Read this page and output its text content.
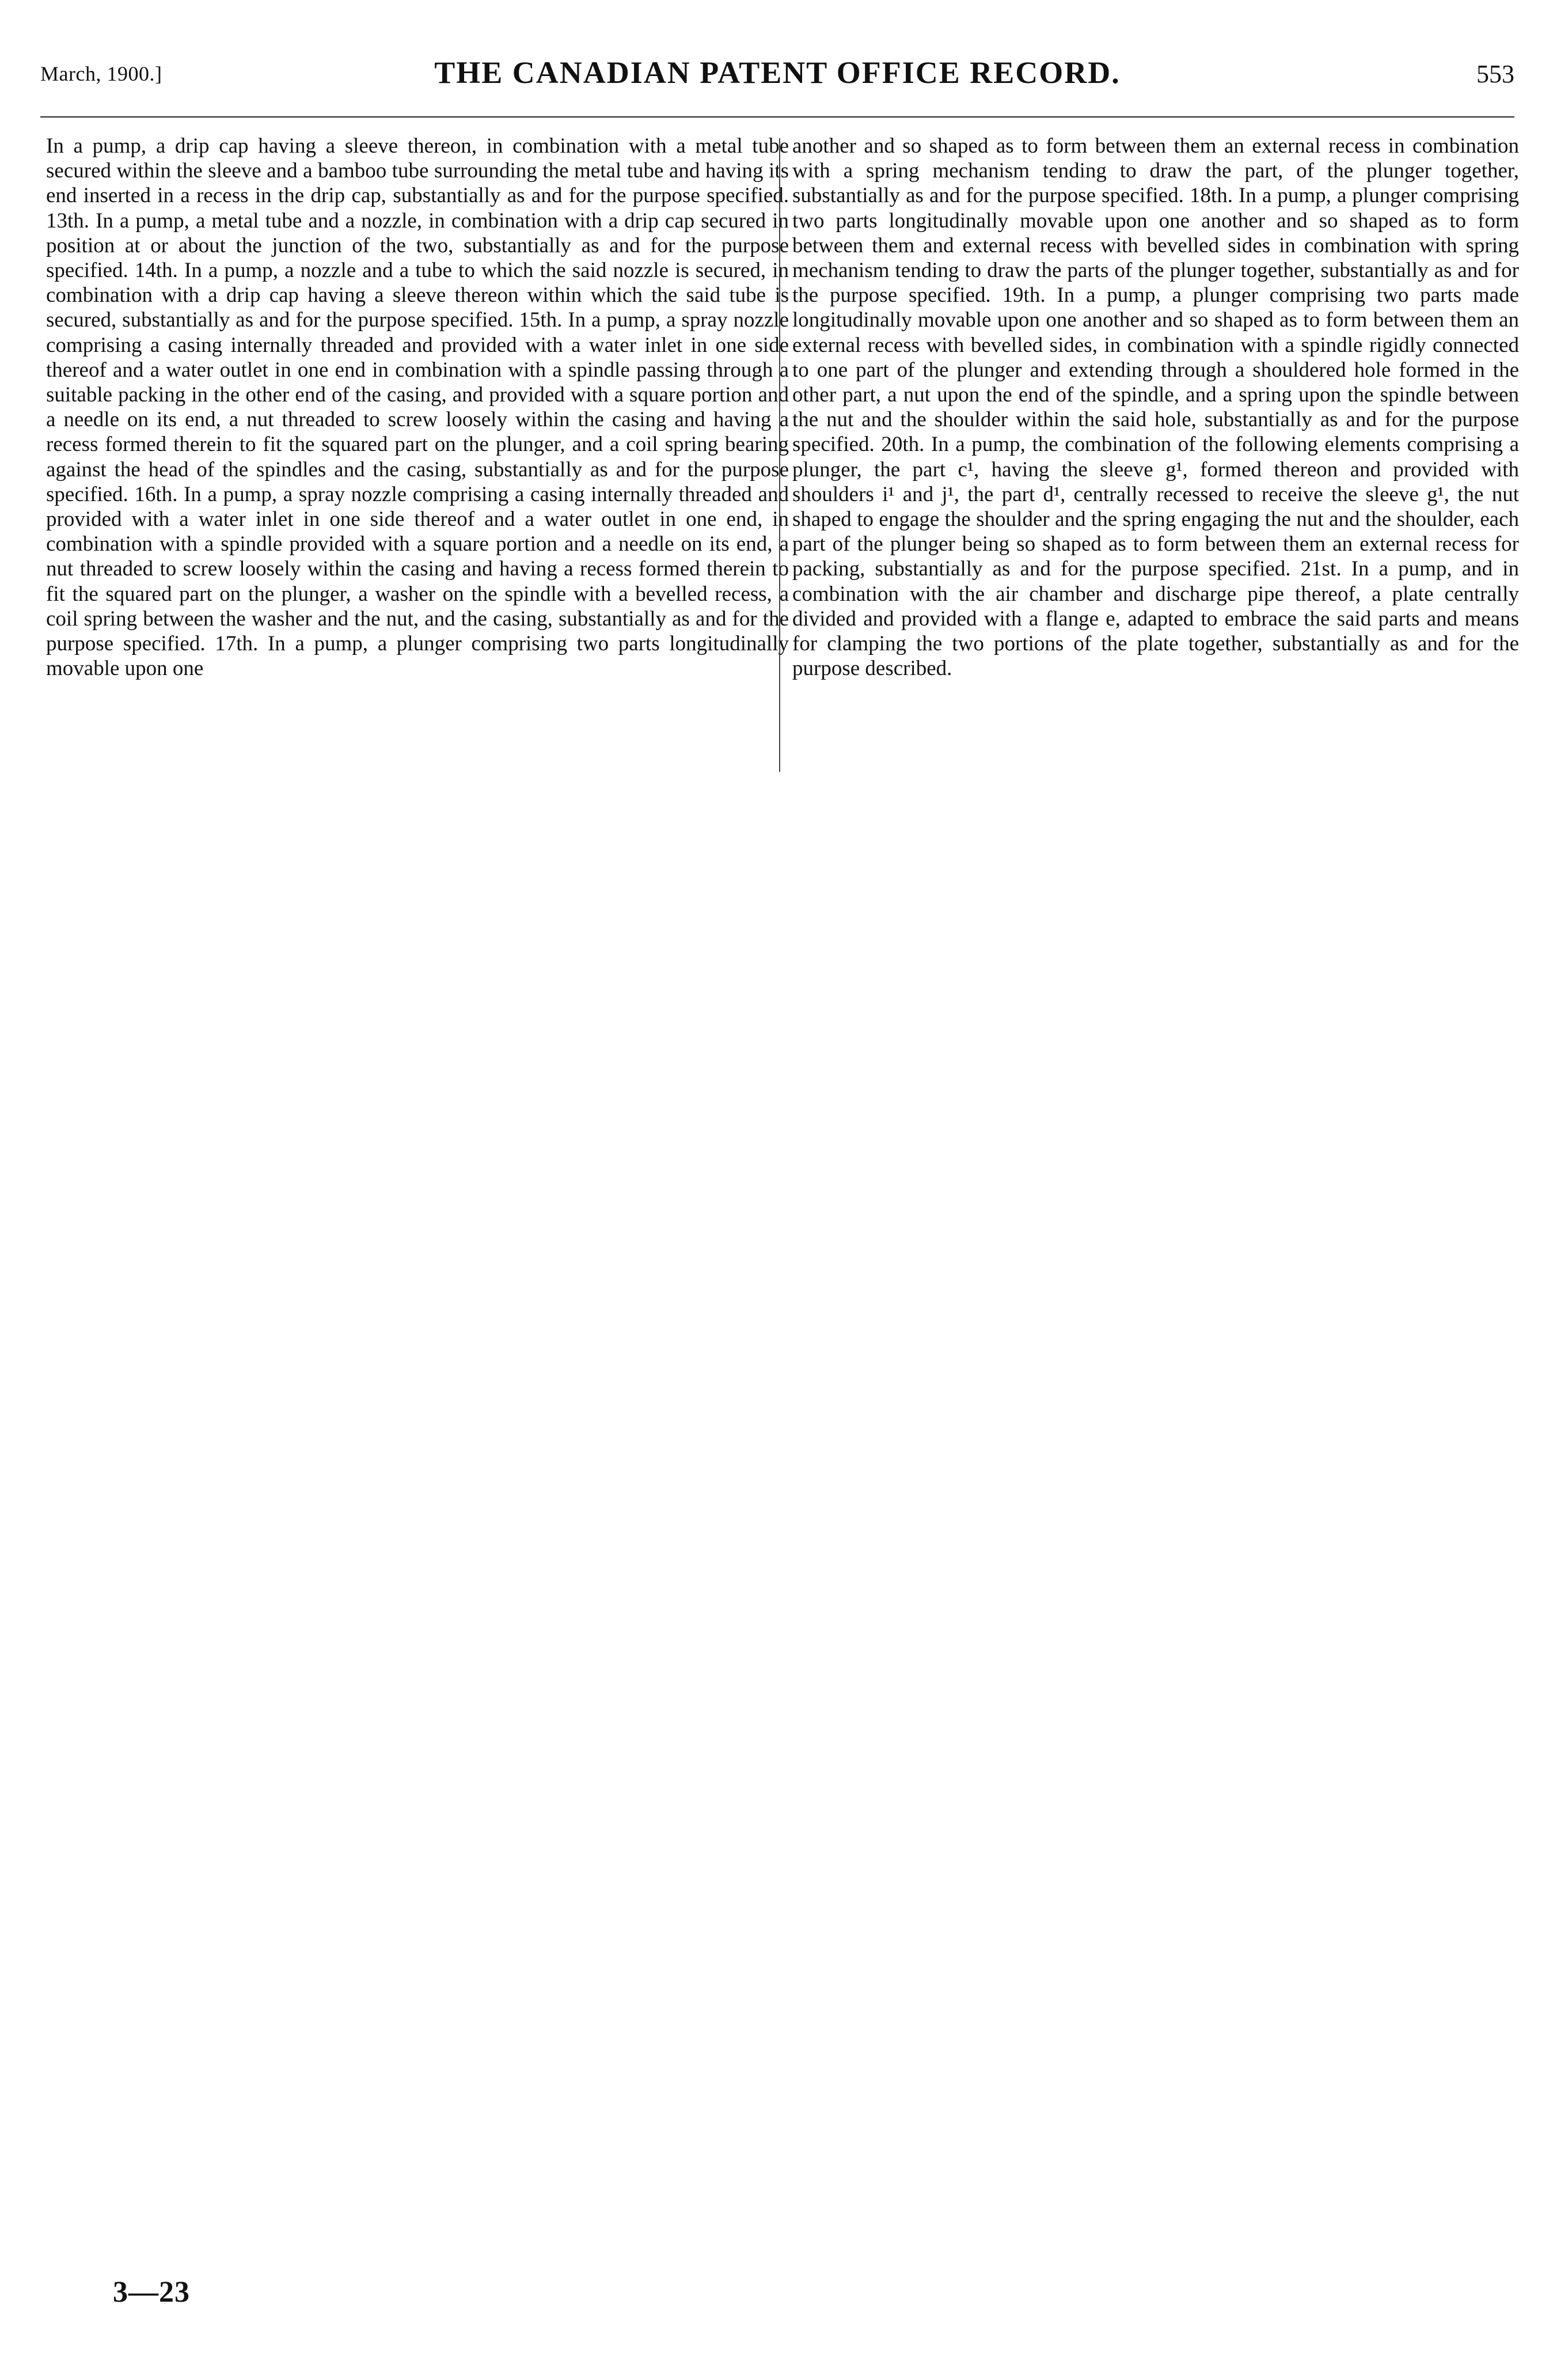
March, 1900.]	THE CANADIAN PATENT OFFICE RECORD.	553
In a pump, a drip cap having a sleeve thereon, in combination with a metal tube secured within the sleeve and a bamboo tube surrounding the metal tube and having its end inserted in a recess in the drip cap, substantially as and for the purpose specified. 13th. In a pump, a metal tube and a nozzle, in combination with a drip cap secured in position at or about the junction of the two, substantially as and for the purpose specified. 14th. In a pump, a nozzle and a tube to which the said nozzle is secured, in combination with a drip cap having a sleeve thereon within which the said tube is secured, substantially as and for the purpose specified. 15th. In a pump, a spray nozzle comprising a casing internally threaded and provided with a water inlet in one side thereof and a water outlet in one end in combination with a spindle passing through a suitable packing in the other end of the casing, and provided with a square portion and a needle on its end, a nut threaded to screw loosely within the casing and having a recess formed therein to fit the squared part on the plunger, and a coil spring bearing against the head of the spindles and the casing, substantially as and for the purpose specified. 16th. In a pump, a spray nozzle comprising a casing internally threaded and provided with a water inlet in one side thereof and a water outlet in one end, in combination with a spindle provided with a square portion and a needle on its end, a nut threaded to screw loosely within the casing and having a recess formed therein to fit the squared part on the plunger, a washer on the spindle with a bevelled recess, a coil spring between the washer and the nut, and the casing, substantially as and for the purpose specified. 17th. In a pump, a plunger comprising two parts longitudinally movable upon one
another and so shaped as to form between them an external recess in combination with a spring mechanism tending to draw the part, of the plunger together, substantially as and for the purpose specified. 18th. In a pump, a plunger comprising two parts longitudinally movable upon one another and so shaped as to form between them and external recess with bevelled sides in combination with spring mechanism tending to draw the parts of the plunger together, substantially as and for the purpose specified. 19th. In a pump, a plunger comprising two parts made longitudinally movable upon one another and so shaped as to form between them an external recess with bevelled sides, in combination with a spindle rigidly connected to one part of the plunger and extending through a shouldered hole formed in the other part, a nut upon the end of the spindle, and a spring upon the spindle between the nut and the shoulder within the said hole, substantially as and for the purpose specified. 20th. In a pump, the combination of the following elements comprising a plunger, the part c¹, having the sleeve g¹, formed thereon and provided with shoulders i¹ and j¹, the part d¹, centrally recessed to receive the sleeve g¹, the nut shaped to engage the shoulder and the spring engaging the nut and the shoulder, each part of the plunger being so shaped as to form between them an external recess for packing, substantially as and for the purpose specified. 21st. In a pump, and in combination with the air chamber and discharge pipe thereof, a plate centrally divided and provided with a flange e, adapted to embrace the said parts and means for clamping the two portions of the plate together, substantially as and for the purpose described.
3—23
